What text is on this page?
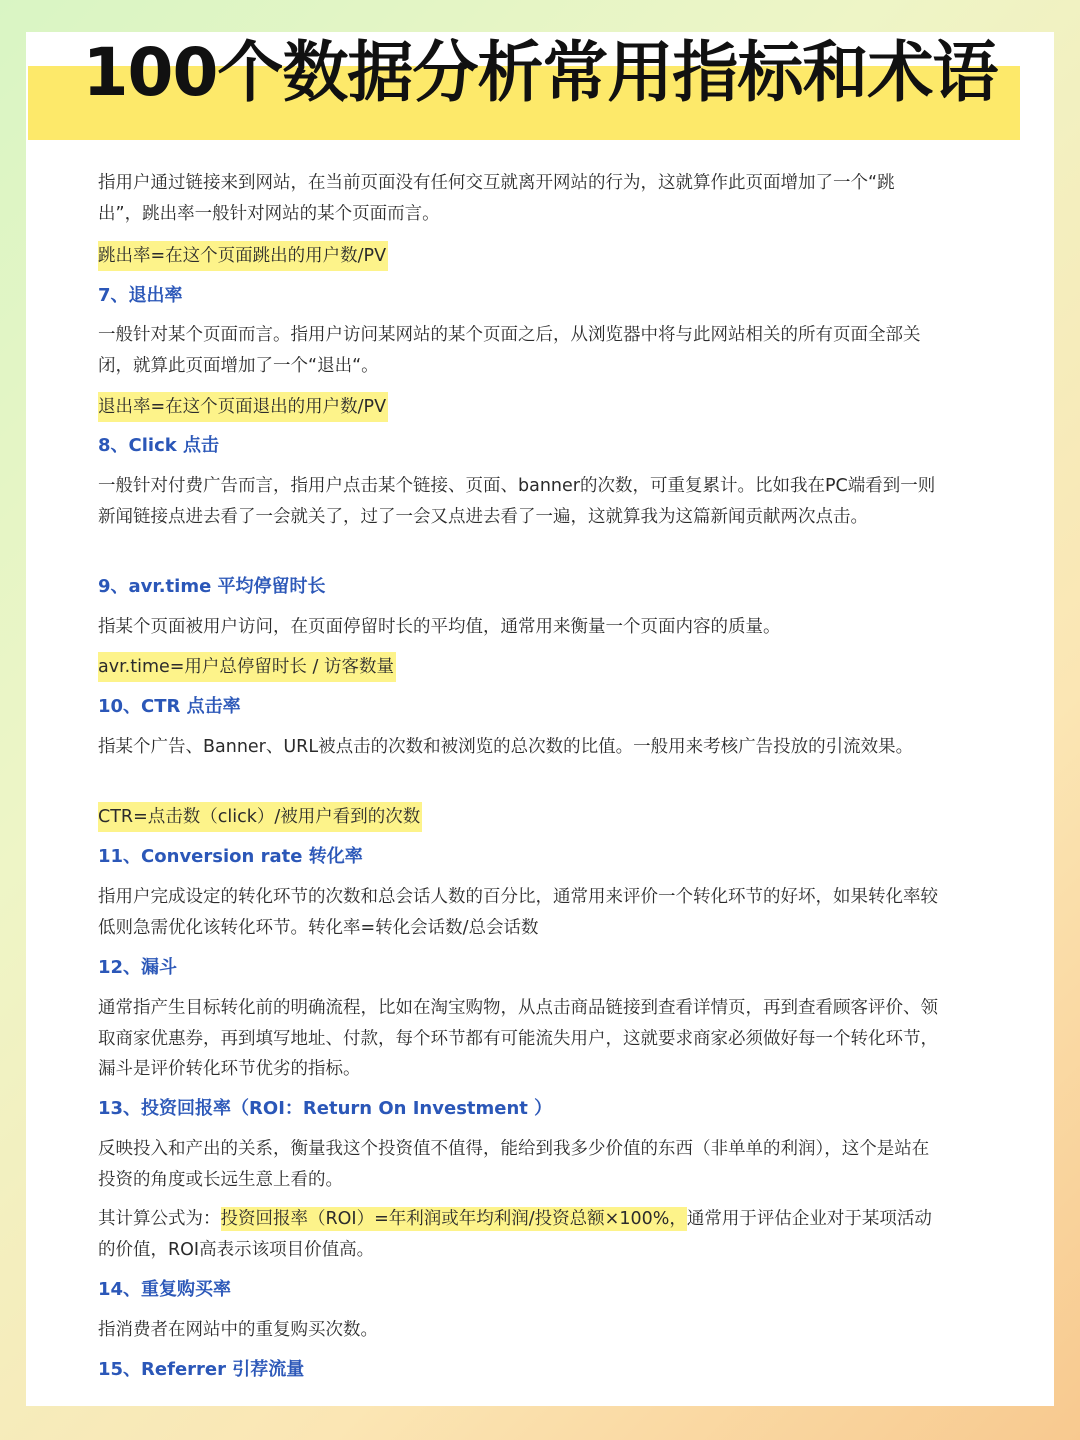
100个数据分析常用指标和术语

指用户通过链接来到网站，在当前页面没有任何交互就离开网站的行为，这就算作此页面增加了一个“跳出”，跳出率一般针对网站的某个页面而言。

跳出率=在这个页面跳出的用户数/PV

7、退出率

一般针对某个页面而言。指用户访问某网站的某个页面之后，从浏览器中将与此网站相关的所有页面全部关闭，就算此页面增加了一个“退出“。

退出率=在这个页面退出的用户数/PV

8、Click 点击

一般针对付费广告而言，指用户点击某个链接、页面、banner的次数，可重复累计。比如我在PC端看到一则新闻链接点进去看了一会就关了，过了一会又点进去看了一遍，这就算我为这篇新闻贡献两次点击。

9、avr.time 平均停留时长

指某个页面被用户访问，在页面停留时长的平均值，通常用来衡量一个页面内容的质量。

avr.time=用户总停留时长 / 访客数量

10、CTR 点击率

指某个广告、Banner、URL被点击的次数和被浏览的总次数的比值。一般用来考核广告投放的引流效果。

CTR=点击数（click）/被用户看到的次数

11、Conversion rate 转化率

指用户完成设定的转化环节的次数和总会话人数的百分比，通常用来评价一个转化环节的好坏，如果转化率较低则急需优化该转化环节。转化率=转化会话数/总会话数

12、漏斗

通常指产生目标转化前的明确流程，比如在淘宝购物，从点击商品链接到查看详情页，再到查看顾客评价、领取商家优惠券，再到填写地址、付款，每个环节都有可能流失用户，这就要求商家必须做好每一个转化环节，漏斗是评价转化环节优劣的指标。

13、投资回报率（ROI：Return On Investment ）

反映投入和产出的关系，衡量我这个投资值不值得，能给到我多少价值的东西（非单单的利润），这个是站在投资的角度或长远生意上看的。

其计算公式为：投资回报率（ROI）=年利润或年均利润/投资总额×100%，通常用于评估企业对于某项活动的价值，ROI高表示该项目价值高。

14、重复购买率

指消费者在网站中的重复购买次数。

15、Referrer 引荐流量
